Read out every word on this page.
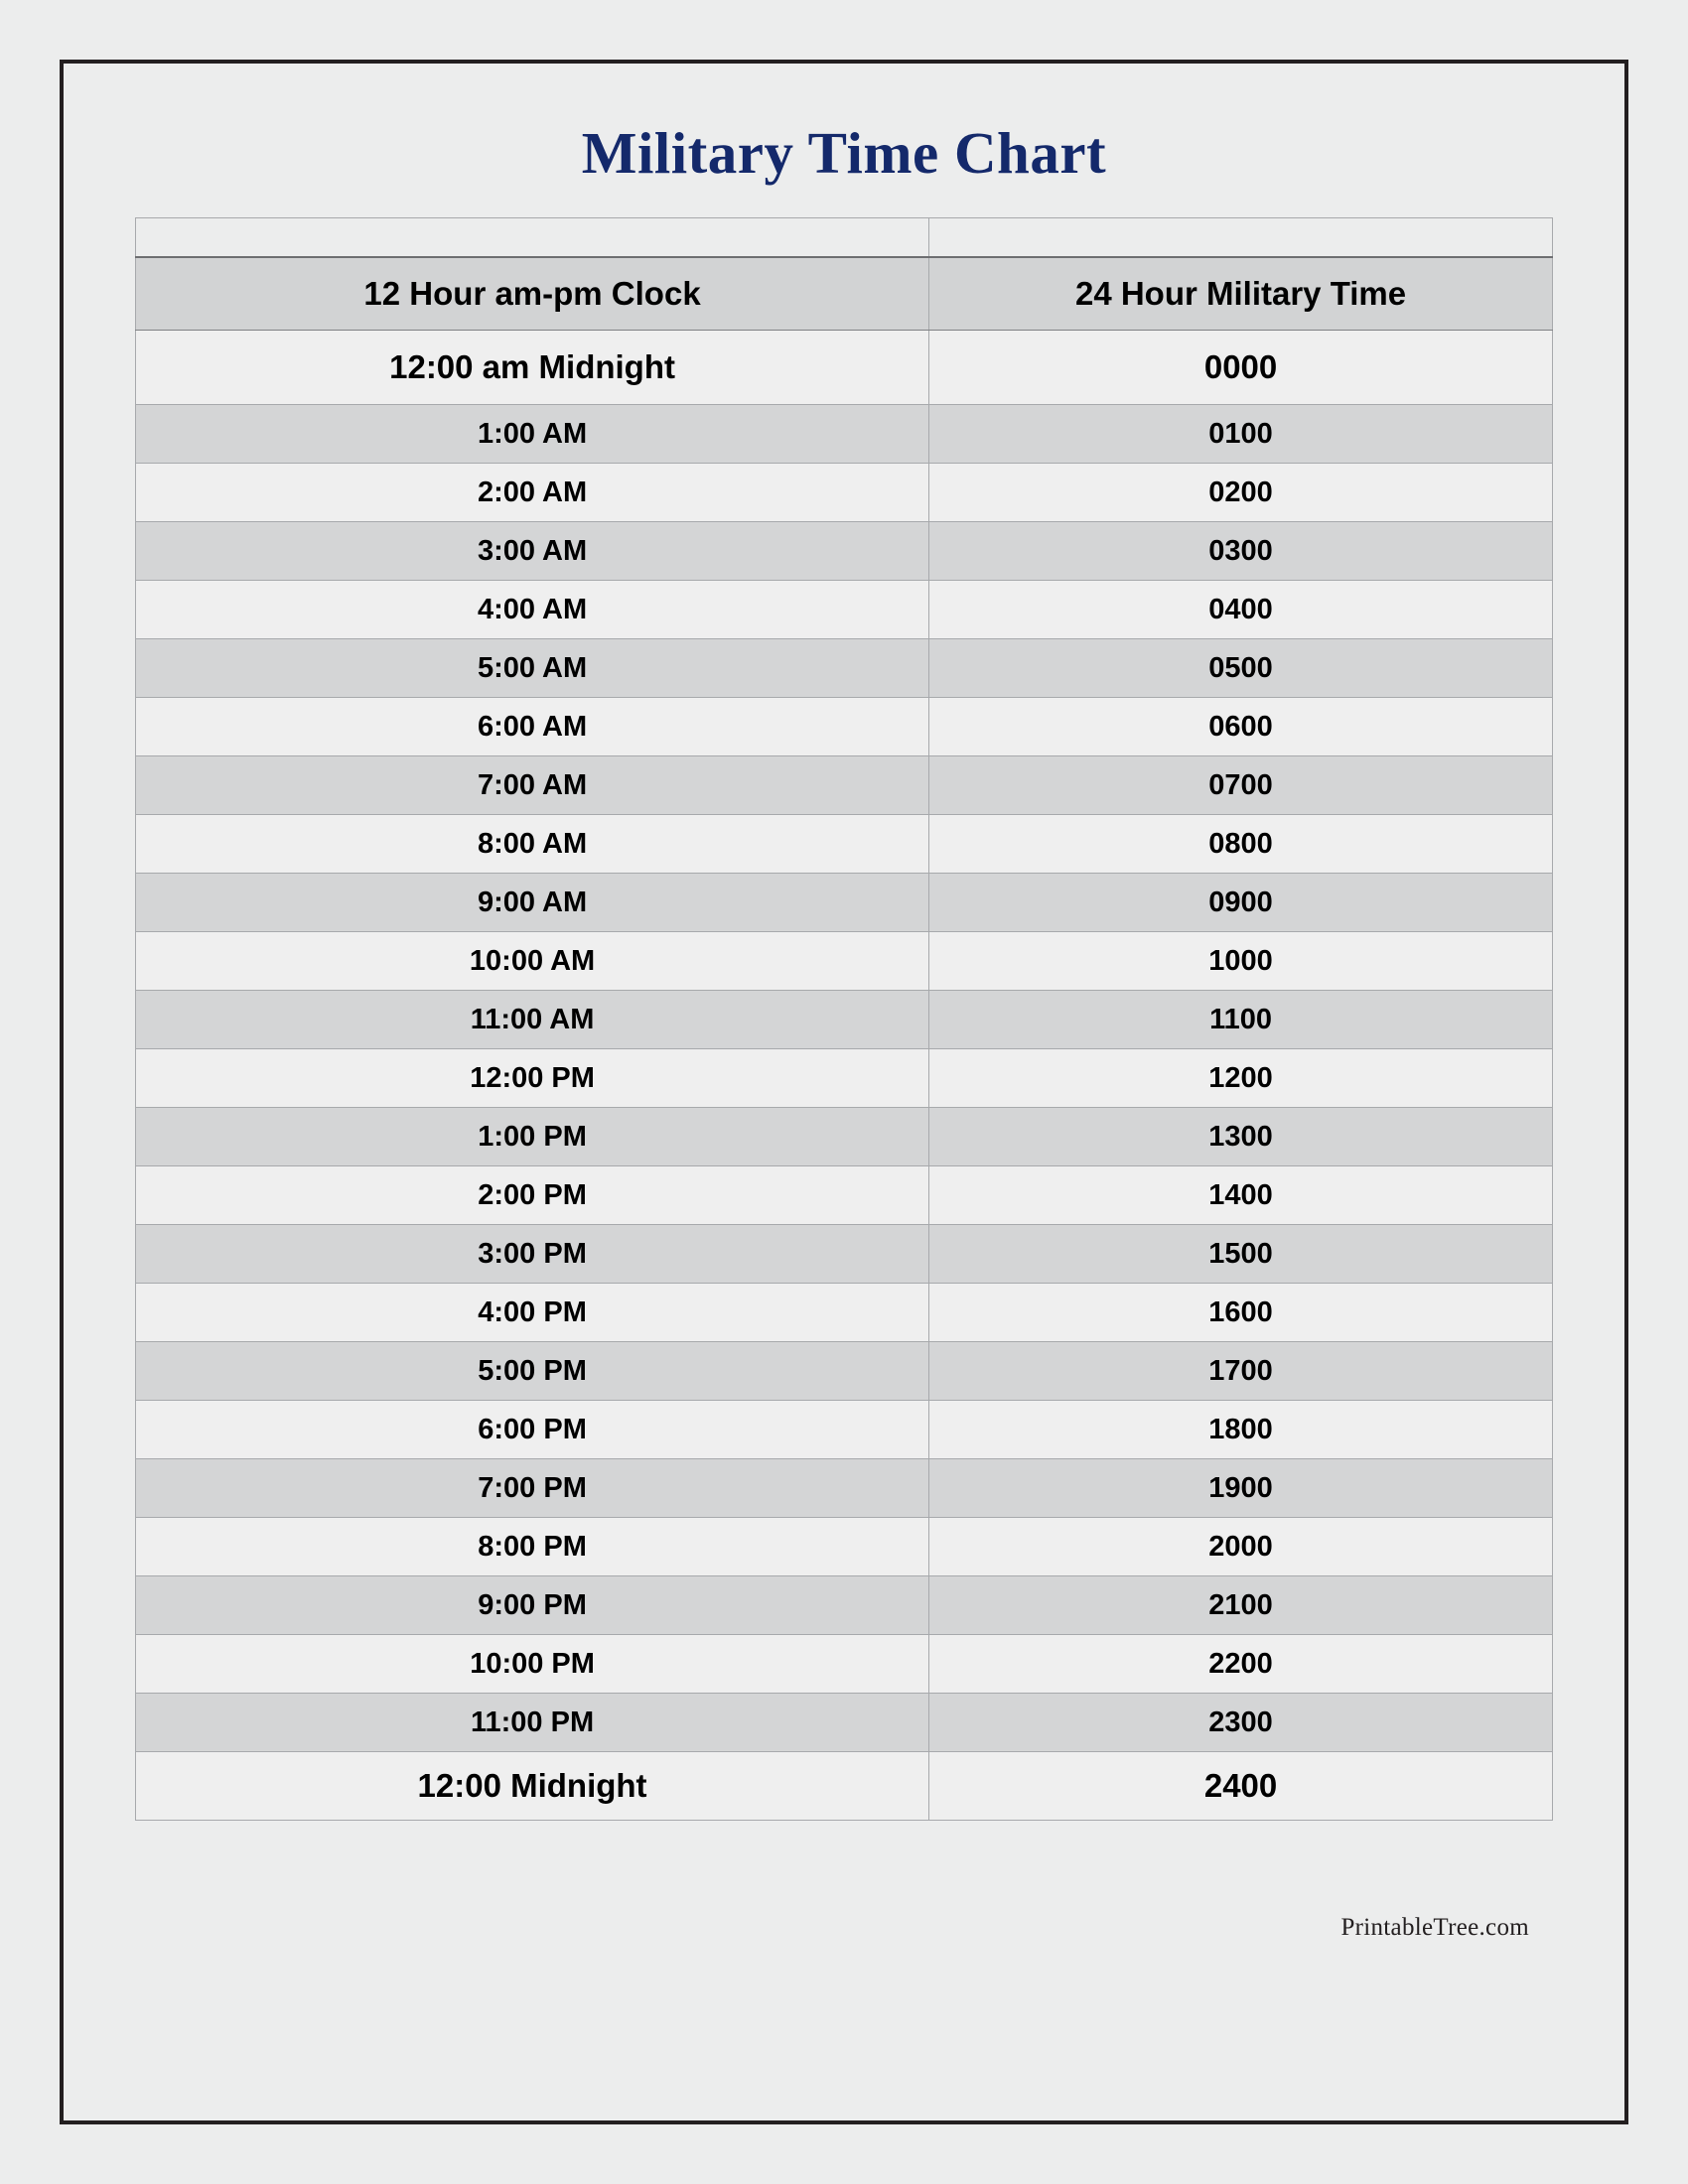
Military Time Chart

12 Hour am-pm Clock	24 Hour Military Time
12:00 am Midnight	0000
1:00 AM	0100
2:00 AM	0200
3:00 AM	0300
4:00 AM	0400
5:00 AM	0500
6:00 AM	0600
7:00 AM	0700
8:00 AM	0800
9:00 AM	0900
10:00 AM	1000
11:00 AM	1100
12:00 PM	1200
1:00 PM	1300
2:00 PM	1400
3:00 PM	1500
4:00 PM	1600
5:00 PM	1700
6:00 PM	1800
7:00 PM	1900
8:00 PM	2000
9:00 PM	2100
10:00 PM	2200
11:00 PM	2300
12:00 Midnight	2400
PrintableTree.com
